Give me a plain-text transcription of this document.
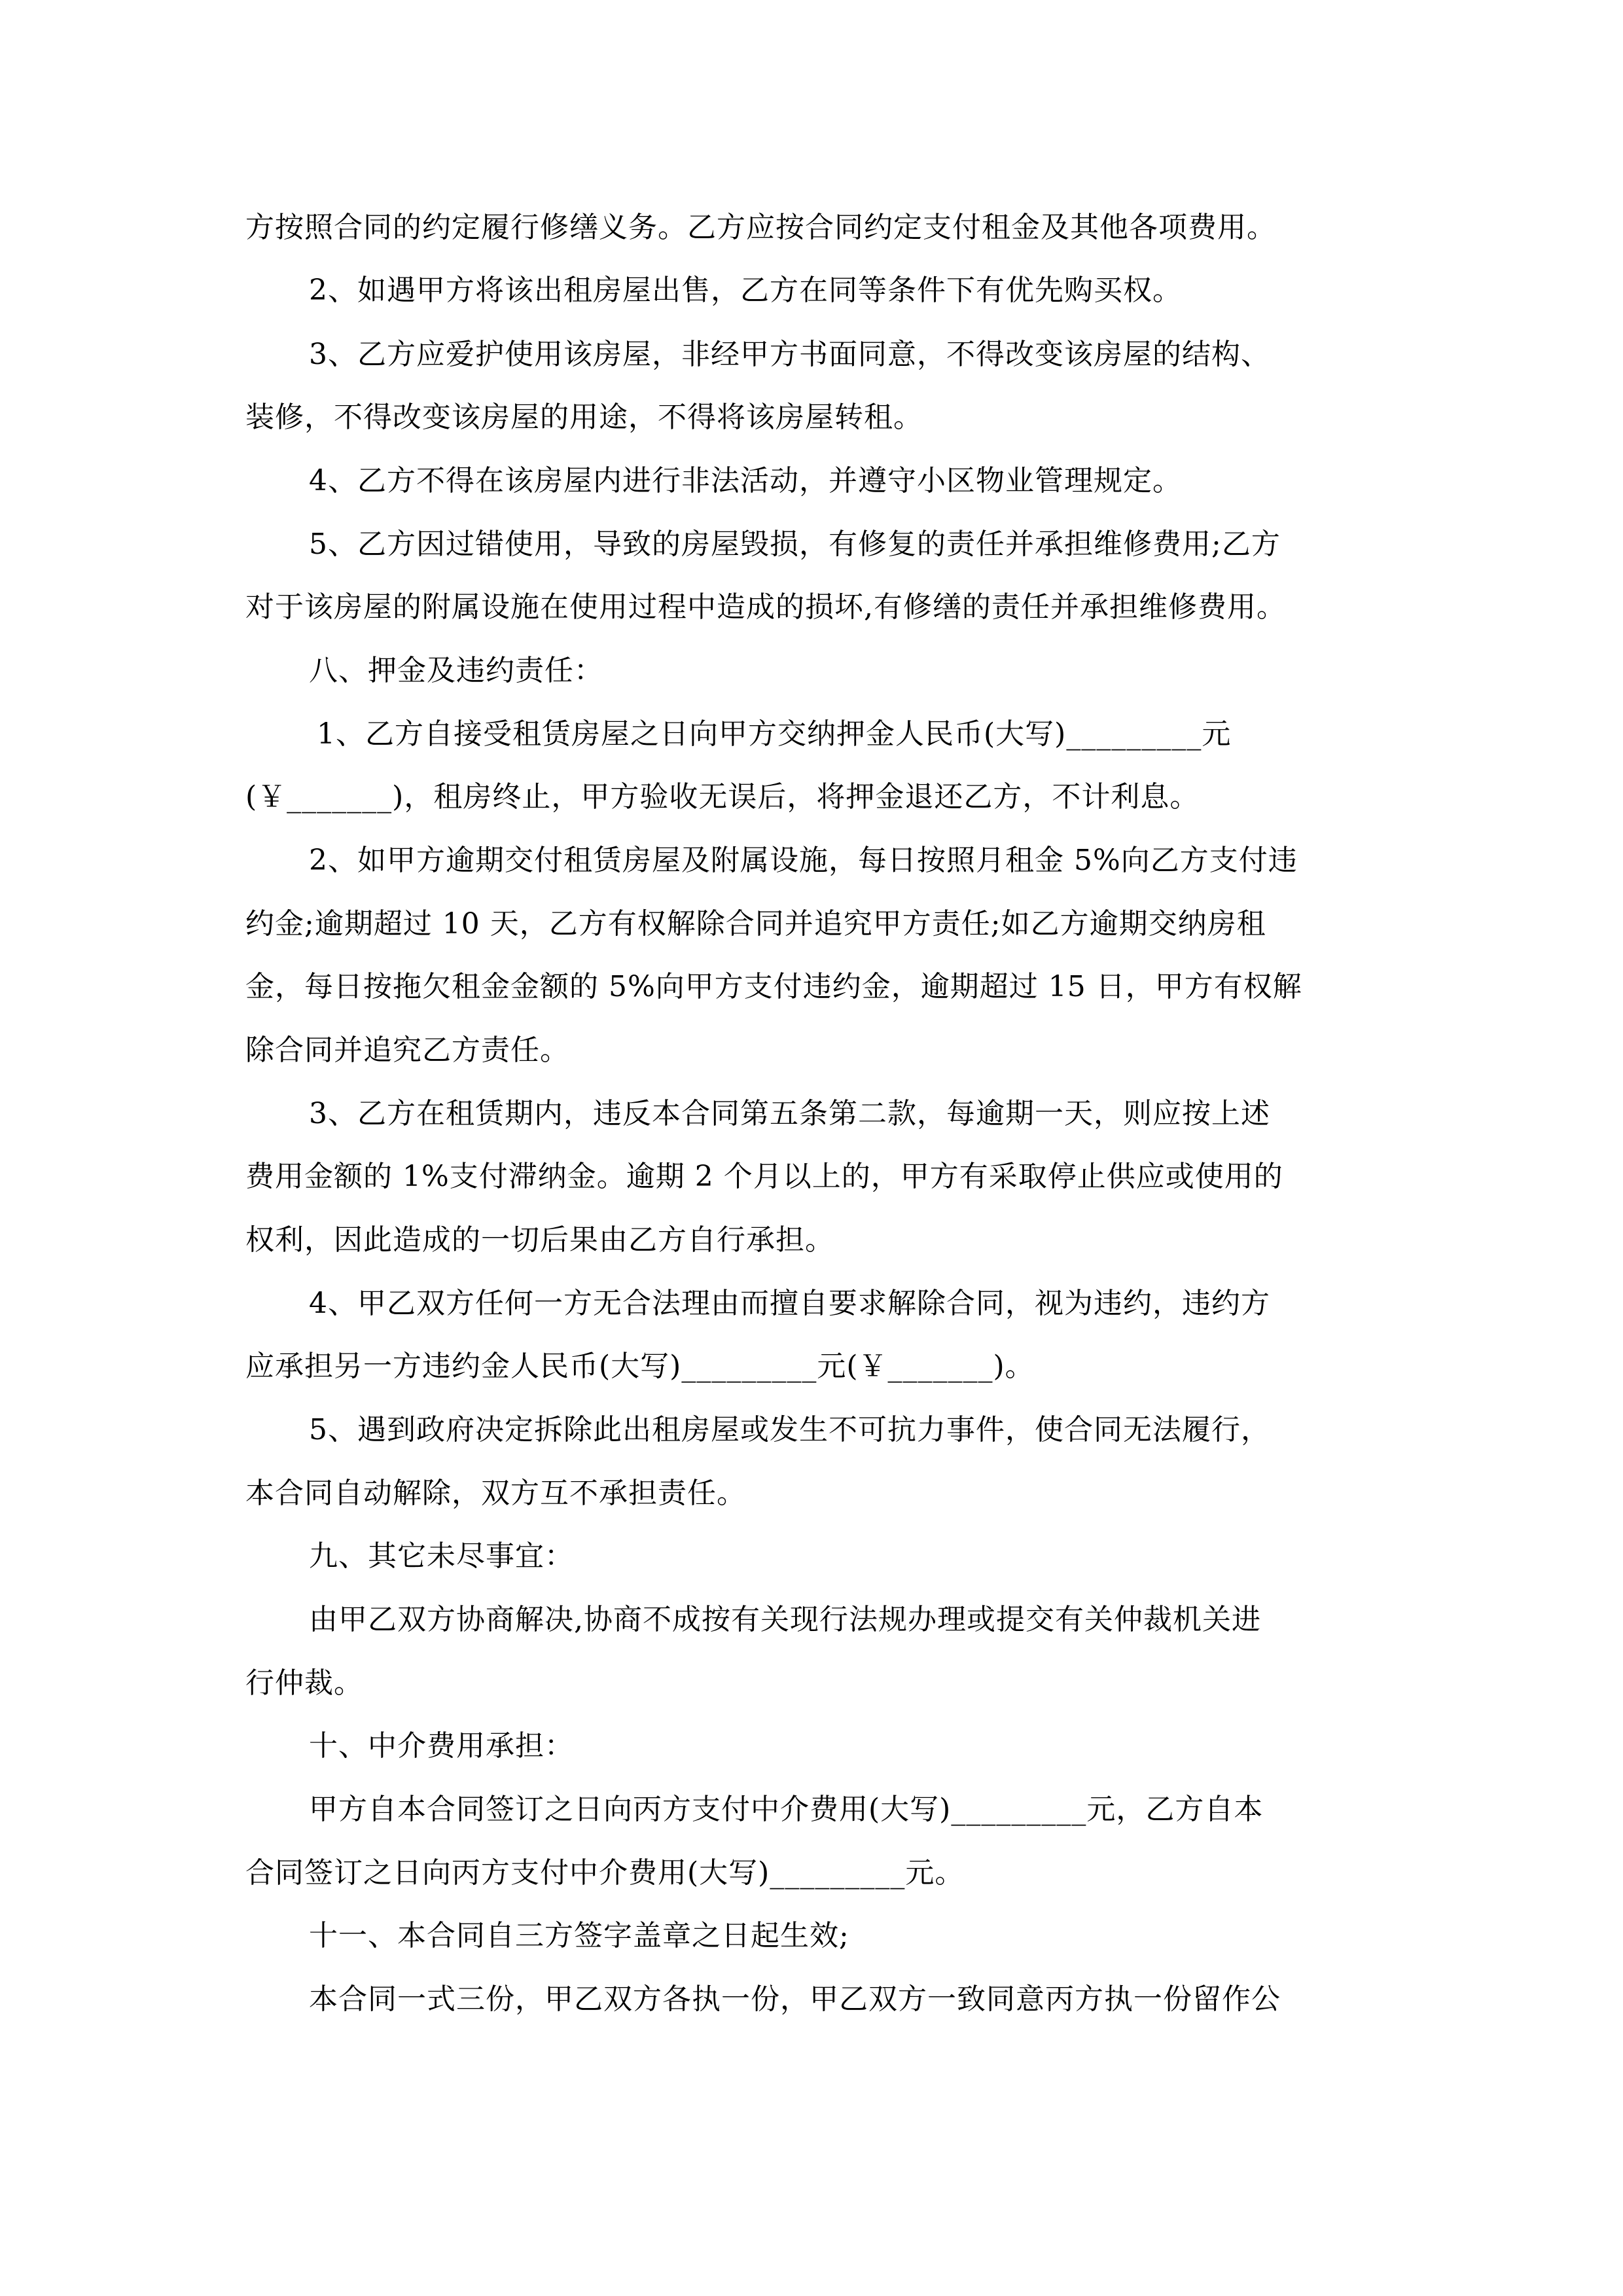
方按照合同的约定履行修缮义务。乙方应按合同约定支付租金及其他各项费用。
2、如遇甲方将该出租房屋出售，乙方在同等条件下有优先购买权。
3、乙方应爱护使用该房屋，非经甲方书面同意，不得改变该房屋的结构、
装修，不得改变该房屋的用途，不得将该房屋转租。
4、乙方不得在该房屋内进行非法活动，并遵守小区物业管理规定。
5、乙方因过错使用，导致的房屋毁损，有修复的责任并承担维修费用;乙方
对于该房屋的附属设施在使用过程中造成的损坏,有修缮的责任并承担维修费用。
八、押金及违约责任：
1、乙方自接受租赁房屋之日向甲方交纳押金人民币(大写)_________元
(￥_______)，租房终止，甲方验收无误后，将押金退还乙方，不计利息。
2、如甲方逾期交付租赁房屋及附属设施，每日按照月租金 5%向乙方支付违
约金;逾期超过 10 天，乙方有权解除合同并追究甲方责任;如乙方逾期交纳房租
金，每日按拖欠租金金额的 5%向甲方支付违约金，逾期超过 15 日，甲方有权解
除合同并追究乙方责任。
3、乙方在租赁期内，违反本合同第五条第二款，每逾期一天，则应按上述
费用金额的 1%支付滞纳金。逾期 2 个月以上的，甲方有采取停止供应或使用的
权利，因此造成的一切后果由乙方自行承担。
4、甲乙双方任何一方无合法理由而擅自要求解除合同，视为违约，违约方
应承担另一方违约金人民币(大写)_________元(￥_______)。
5、遇到政府决定拆除此出租房屋或发生不可抗力事件，使合同无法履行，
本合同自动解除，双方互不承担责任。
九、其它未尽事宜：
由甲乙双方协商解决,协商不成按有关现行法规办理或提交有关仲裁机关进
行仲裁。
十、中介费用承担：
甲方自本合同签订之日向丙方支付中介费用(大写)_________元，乙方自本
合同签订之日向丙方支付中介费用(大写)_________元。
十一、本合同自三方签字盖章之日起生效;
本合同一式三份，甲乙双方各执一份，甲乙双方一致同意丙方执一份留作公
